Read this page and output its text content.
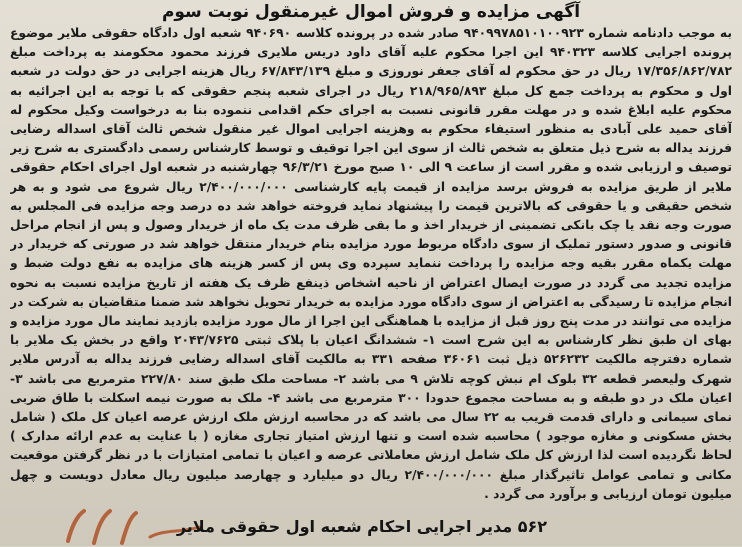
آگهی مزایده و فروش اموال غیرمنقول نوبت سوم

به موجب دادنامه شماره ۹۴۰۹۹۷۸۵۱۰۱۰۰۹۲۳ صادر شده در پرونده کلاسه ۹۴۰۶۹۰ شعبه اول دادگاه حقوقی ملایر موضوع پرونده اجرایی کلاسه ۹۴۰۳۲۳ این اجرا محکوم علیه آقای داود دریس ملایری فرزند محمود محکومند به پرداخت مبلغ ۱۷/۳۵۶/۸۶۲/۷۸۲ ریال در حق محکوم له آقای جعفر نوروزی و مبلغ ۶۷/۸۴۳/۱۳۹ ریال هزینه اجرایی در حق دولت در شعبه اول و محکوم به پرداخت جمع کل مبلغ ۲۱۸/۹۶۵/۸۹۳ ریال در اجرای شعبه پنجم حقوقی که با توجه به این اجرائیه به محکوم علیه ابلاغ شده و در مهلت مقرر قانونی نسبت به اجرای حکم اقدامی ننموده بنا به درخواست وکیل محکوم له آقای حمید علی آبادی به منظور استیفاء محکوم به وهزینه اجرایی اموال غیر منقول شخص ثالث آقای اسداله رضایی فرزند یداله به شرح ذیل متعلق به شخص ثالث از سوی این اجرا توقیف و توسط کارشناس رسمی دادگستری به شرح زیر توصیف و ارزیابی شده و مقرر است از ساعت ۹ الی ۱۰ صبح مورخ ۹۶/۳/۲۱ چهارشنبه در شعبه اول اجرای احکام حقوقی ملایر از طریق مزایده به فروش برسد مزایده از قیمت پایه کارشناسی ۲/۴۰۰/۰۰۰/۰۰۰ ریال شروع می شود و به هر شخص حقیقی و یا حقوقی که بالاترین قیمت را پیشنهاد نماید فروخته خواهد شد ده درصد وجه مزایده فی المجلس به صورت وجه نقد یا چک بانکی تضمینی از خریدار اخذ و ما بقی ظرف مدت یک ماه از خریدار وصول و پس از انجام مراحل قانونی و صدور دستور تملیک از سوی دادگاه مربوط مورد مزایده بنام خریدار منتقل خواهد شد در صورتی که خریدار در مهلت یکماه مقرر بقیه وجه مزایده را پرداخت ننماید سپرده وی پس از کسر هزینه های مزایده به نفع دولت ضبط و مزایده تجدید می گردد در صورت ایصال اعتراض از ناحیه اشخاص ذینفع ظرف یک هفته از تاریخ مزایده نسبت به نحوه انجام مزایده تا رسیدگی به اعتراض از سوی دادگاه مورد مزایده به خریدار تحویل نخواهد شد ضمنا متقاضیان به شرکت در مزایده می توانند در مدت پنج روز قبل از مزایده با هماهنگی این اجرا از مال مورد مزایده بازدید نمایند مال مورد مزایده و بهای ان طبق نظر کارشناس به این شرح است ۱- ششدانگ اعیان با پلاک ثبتی ۲۰۴۳/۷۶۲۵ واقع در بخش یک ملایر با شماره دفترچه مالکیت ۵۲۶۲۳۲ ذیل ثبت ۳۶۰۶۱ صفحه ۳۳۱ به مالکیت آقای اسداله رضایی فرزند یداله به آدرس ملایر شهرک ولیعصر قطعه ۳۲ بلوک ام نبش کوچه تلاش ۹ می باشد ۲- مساحت ملک طبق سند ۲۲۷/۸۰ مترمربع می باشد ۳- اعیان ملک در دو طبقه و به مساحت مجموع حدودا ۳۰۰ مترمربع می باشد ۴- ملک به صورت نیمه اسکلت با طاق ضربی نمای سیمانی و دارای قدمت قریب به ۲۲ سال می باشد که در محاسبه ارزش ملک ارزش عرصه اعیان کل ملک ( شامل بخش مسکونی و مغازه موجود ) محاسبه شده است و تنها ارزش امتیاز تجاری مغازه ( با عنایت به عدم ارائه مدارک ) لحاظ نگردیده است لذا ارزش کل ملک شامل ارزش معاملاتی عرصه و اعیان با تمامی امتیازات با در نظر گرفتن موقعیت مکانی و تمامی عوامل تاثیرگذار مبلغ ۲/۴۰۰/۰۰۰/۰۰۰ ریال دو میلیارد و چهارصد میلیون ریال معادل دویست و چهل میلیون تومان ارزیابی و برآورد می گردد .

۵۶۲ مدیر اجرایی احکام شعبه اول حقوقی ملایر
